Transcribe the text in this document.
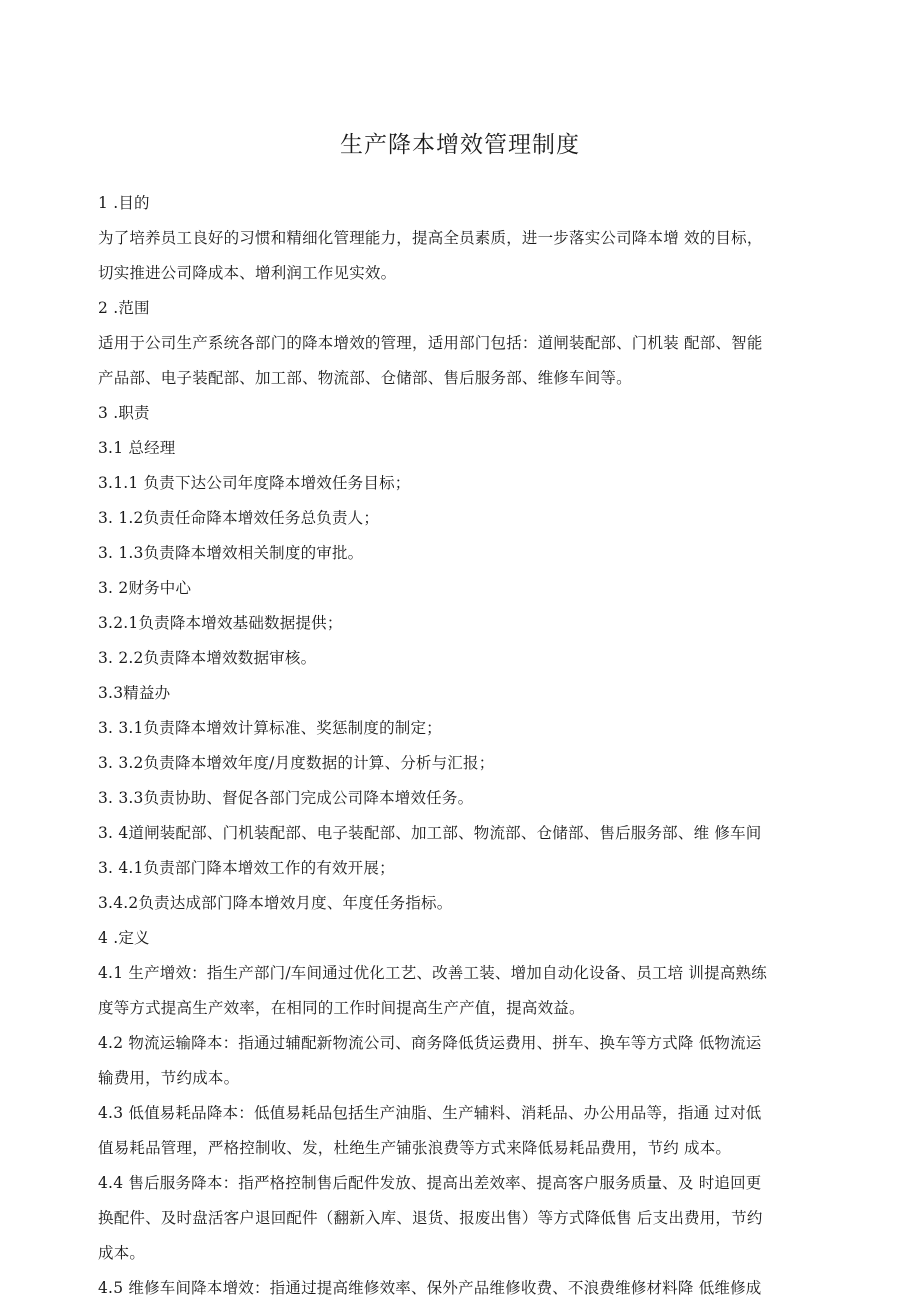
生产降本增效管理制度
1 .目的
为了培养员工良好的习惯和精细化管理能力，提高全员素质，进一步落实公司降本增 效的目标，
切实推进公司降成本、增利润工作见实效。
2 .范围
适用于公司生产系统各部门的降本增效的管理，适用部门包括：道闸装配部、门机装 配部、智能
产品部、电子装配部、加工部、物流部、仓储部、售后服务部、维修车间等。
3 .职责
3.1 总经理
3.1.1 负责下达公司年度降本增效任务目标；
3. 1.2负责任命降本增效任务总负责人；
3. 1.3负责降本增效相关制度的审批。
3. 2财务中心
3.2.1负责降本增效基础数据提供；
3. 2.2负责降本增效数据审核。
3.3精益办
3. 3.1负责降本增效计算标准、奖惩制度的制定；
3. 3.2负责降本增效年度/月度数据的计算、分析与汇报；
3. 3.3负责协助、督促各部门完成公司降本增效任务。
3. 4道闸装配部、门机装配部、电子装配部、加工部、物流部、仓储部、售后服务部、维 修车间
3. 4.1负责部门降本增效工作的有效开展；
3.4.2负责达成部门降本增效月度、年度任务指标。
4 .定义
4.1 生产增效：指生产部门/车间通过优化工艺、改善工装、增加自动化设备、员工培 训提高熟练
度等方式提高生产效率，在相同的工作时间提高生产产值，提高效益。
4.2 物流运输降本：指通过辅配新物流公司、商务降低货运费用、拼车、换车等方式降 低物流运
输费用，节约成本。
4.3 低值易耗品降本：低值易耗品包括生产油脂、生产辅料、消耗品、办公用品等，指通 过对低
值易耗品管理，严格控制收、发，杜绝生产铺张浪费等方式来降低易耗品费用，节约 成本。
4.4 售后服务降本：指严格控制售后配件发放、提高出差效率、提高客户服务质量、及 时追回更
换配件、及时盘活客户退回配件（翻新入库、退货、报废出售）等方式降低售 后支出费用，节约
成本。
4.5 维修车间降本增效：指通过提高维修效率、保外产品维修收费、不浪费维修材料降 低维修成
